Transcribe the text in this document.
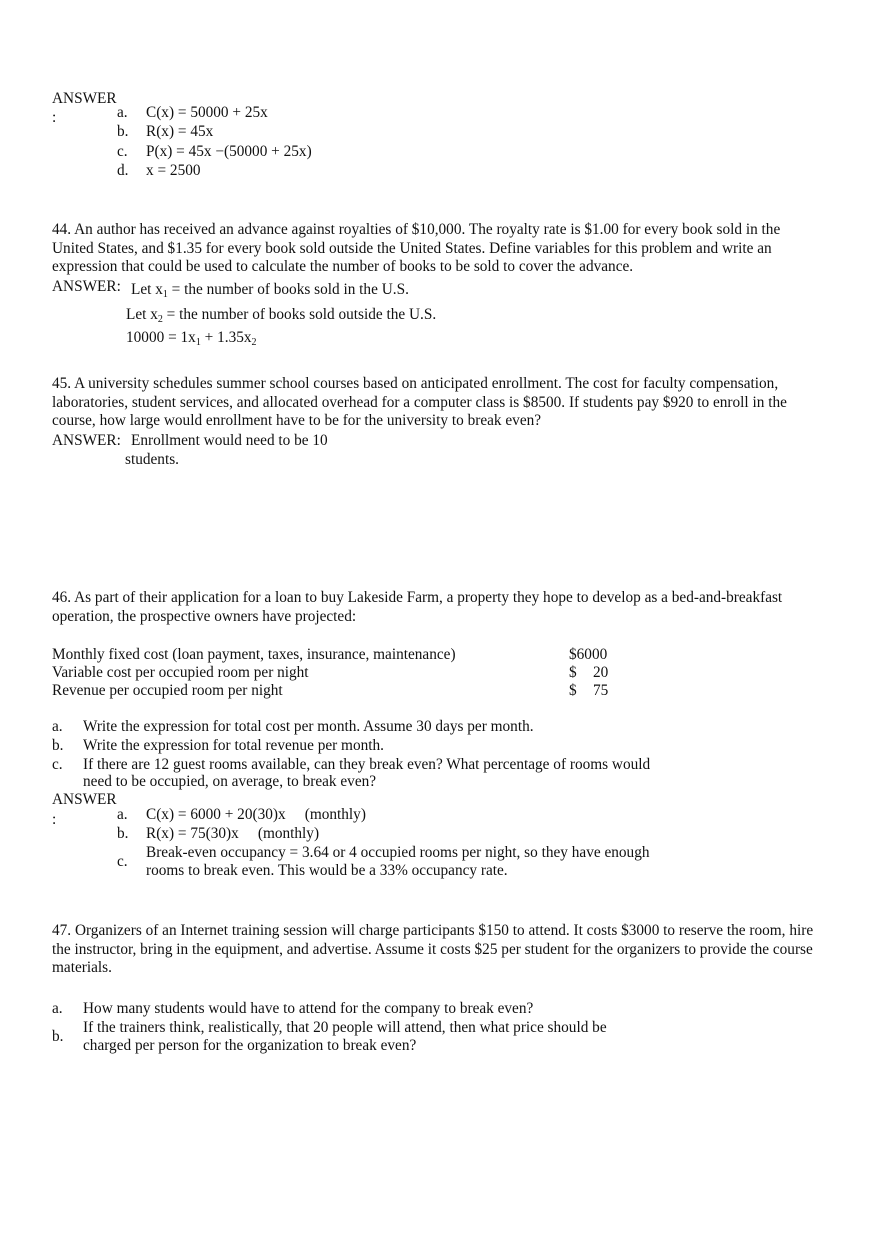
ANSWER
:	a. C(x) = 50000 + 25x
b. R(x) = 45x
c. P(x) = 45x −(50000 + 25x)
d. x = 2500
44. An author has received an advance against royalties of $10,000. The royalty rate is $1.00 for every book sold in the United States, and $1.35 for every book sold outside the United States. Define variables for this problem and write an expression that could be used to calculate the number of books to be sold to cover the advance.
ANSWER: Let $x_1$ = the number of books sold in the U.S.
Let $x_2$ = the number of books sold outside the U.S.
$10000 = 1x_1 + 1.35x_2$
45. A university schedules summer school courses based on anticipated enrollment. The cost for faculty compensation, laboratories, student services, and allocated overhead for a computer class is $8500. If students pay $920 to enroll in the course, how large would enrollment have to be for the university to break even?
ANSWER: Enrollment would need to be 10
students.
46. As part of their application for a loan to buy Lakeside Farm, a property they hope to develop as a bed-and-breakfast operation, the prospective owners have projected:
Monthly fixed cost (loan payment, taxes, insurance, maintenance)	$6000
Variable cost per occupied room per night	$ 20
Revenue per occupied room per night	$ 75
a. Write the expression for total cost per month. Assume 30 days per month.
b. Write the expression for total revenue per month.
c. If there are 12 guest rooms available, can they break even? What percentage of rooms would
need to be occupied, on average, to break even?
ANSWER
:	a. C(x) = 6000 + 20(30)x     (monthly)
b. R(x) = 75(30)x     (monthly)
c.
Break-even occupancy = 3.64 or 4 occupied rooms per night, so they have enough
rooms to break even. This would be a 33% occupancy rate.
47. Organizers of an Internet training session will charge participants $150 to attend. It costs $3000 to reserve the room, hire the instructor, bring in the equipment, and advertise. Assume it costs $25 per student for the organizers to provide the course materials.
a. How many students would have to attend for the company to break even?
b.
If the trainers think, realistically, that 20 people will attend, then what price should be
charged per person for the organization to break even?
